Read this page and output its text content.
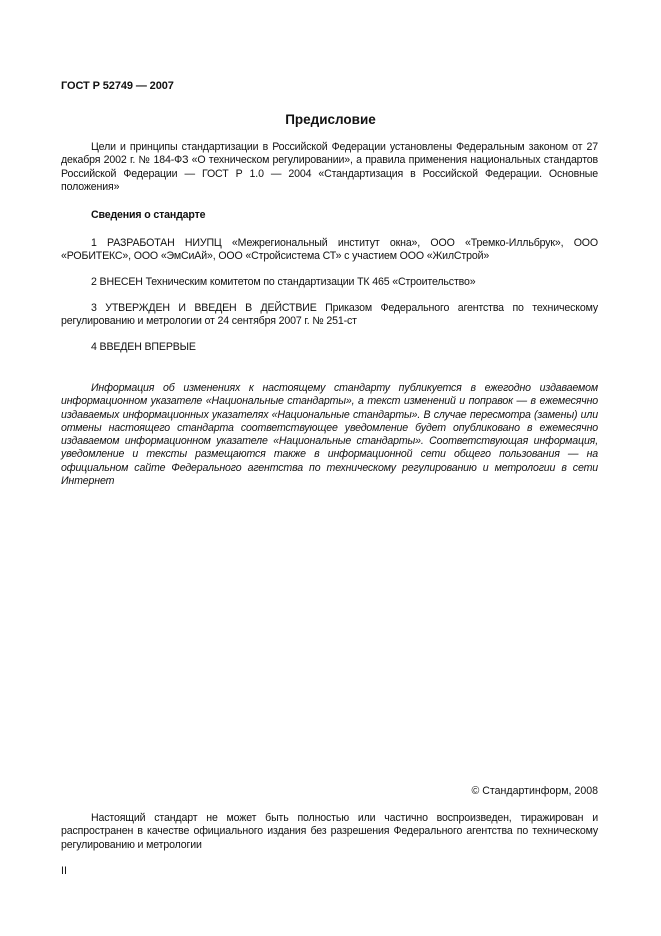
ГОСТ Р 52749 — 2007
Предисловие
Цели и принципы стандартизации в Российской Федерации установлены Федеральным законом от 27 декабря 2002 г. № 184-ФЗ «О техническом регулировании», а правила применения национальных стандартов Российской Федерации — ГОСТ Р 1.0 — 2004 «Стандартизация в Российской Федерации. Основные положения»
Сведения о стандарте
1 РАЗРАБОТАН НИУПЦ «Межрегиональный институт окна», ООО «Тремко-Илльбрук», ООО «РОБИТЕКС», ООО «ЭмСиАй», ООО «Стройсистема СТ» с участием ООО «ЖилСтрой»
2 ВНЕСЕН Техническим комитетом по стандартизации ТК 465 «Строительство»
3 УТВЕРЖДЕН И ВВЕДЕН В ДЕЙСТВИЕ Приказом Федерального агентства по техническому регулированию и метрологии от 24 сентября 2007 г. № 251-ст
4 ВВЕДЕН ВПЕРВЫЕ
Информация об изменениях к настоящему стандарту публикуется в ежегодно издаваемом информационном указателе «Национальные стандарты», а текст изменений и поправок — в ежемесячно издаваемых информационных указателях «Национальные стандарты». В случае пересмотра (замены) или отмены настоящего стандарта соответствующее уведомление будет опубликовано в ежемесячно издаваемом информационном указателе «Национальные стандарты». Соответствующая информация, уведомление и тексты размещаются также в информационной сети общего пользования — на официальном сайте Федерального агентства по техническому регулированию и метрологии в сети Интернет
© Стандартинформ, 2008
Настоящий стандарт не может быть полностью или частично воспроизведен, тиражирован и распространен в качестве официального издания без разрешения Федерального агентства по техническому регулированию и метрологии
II
